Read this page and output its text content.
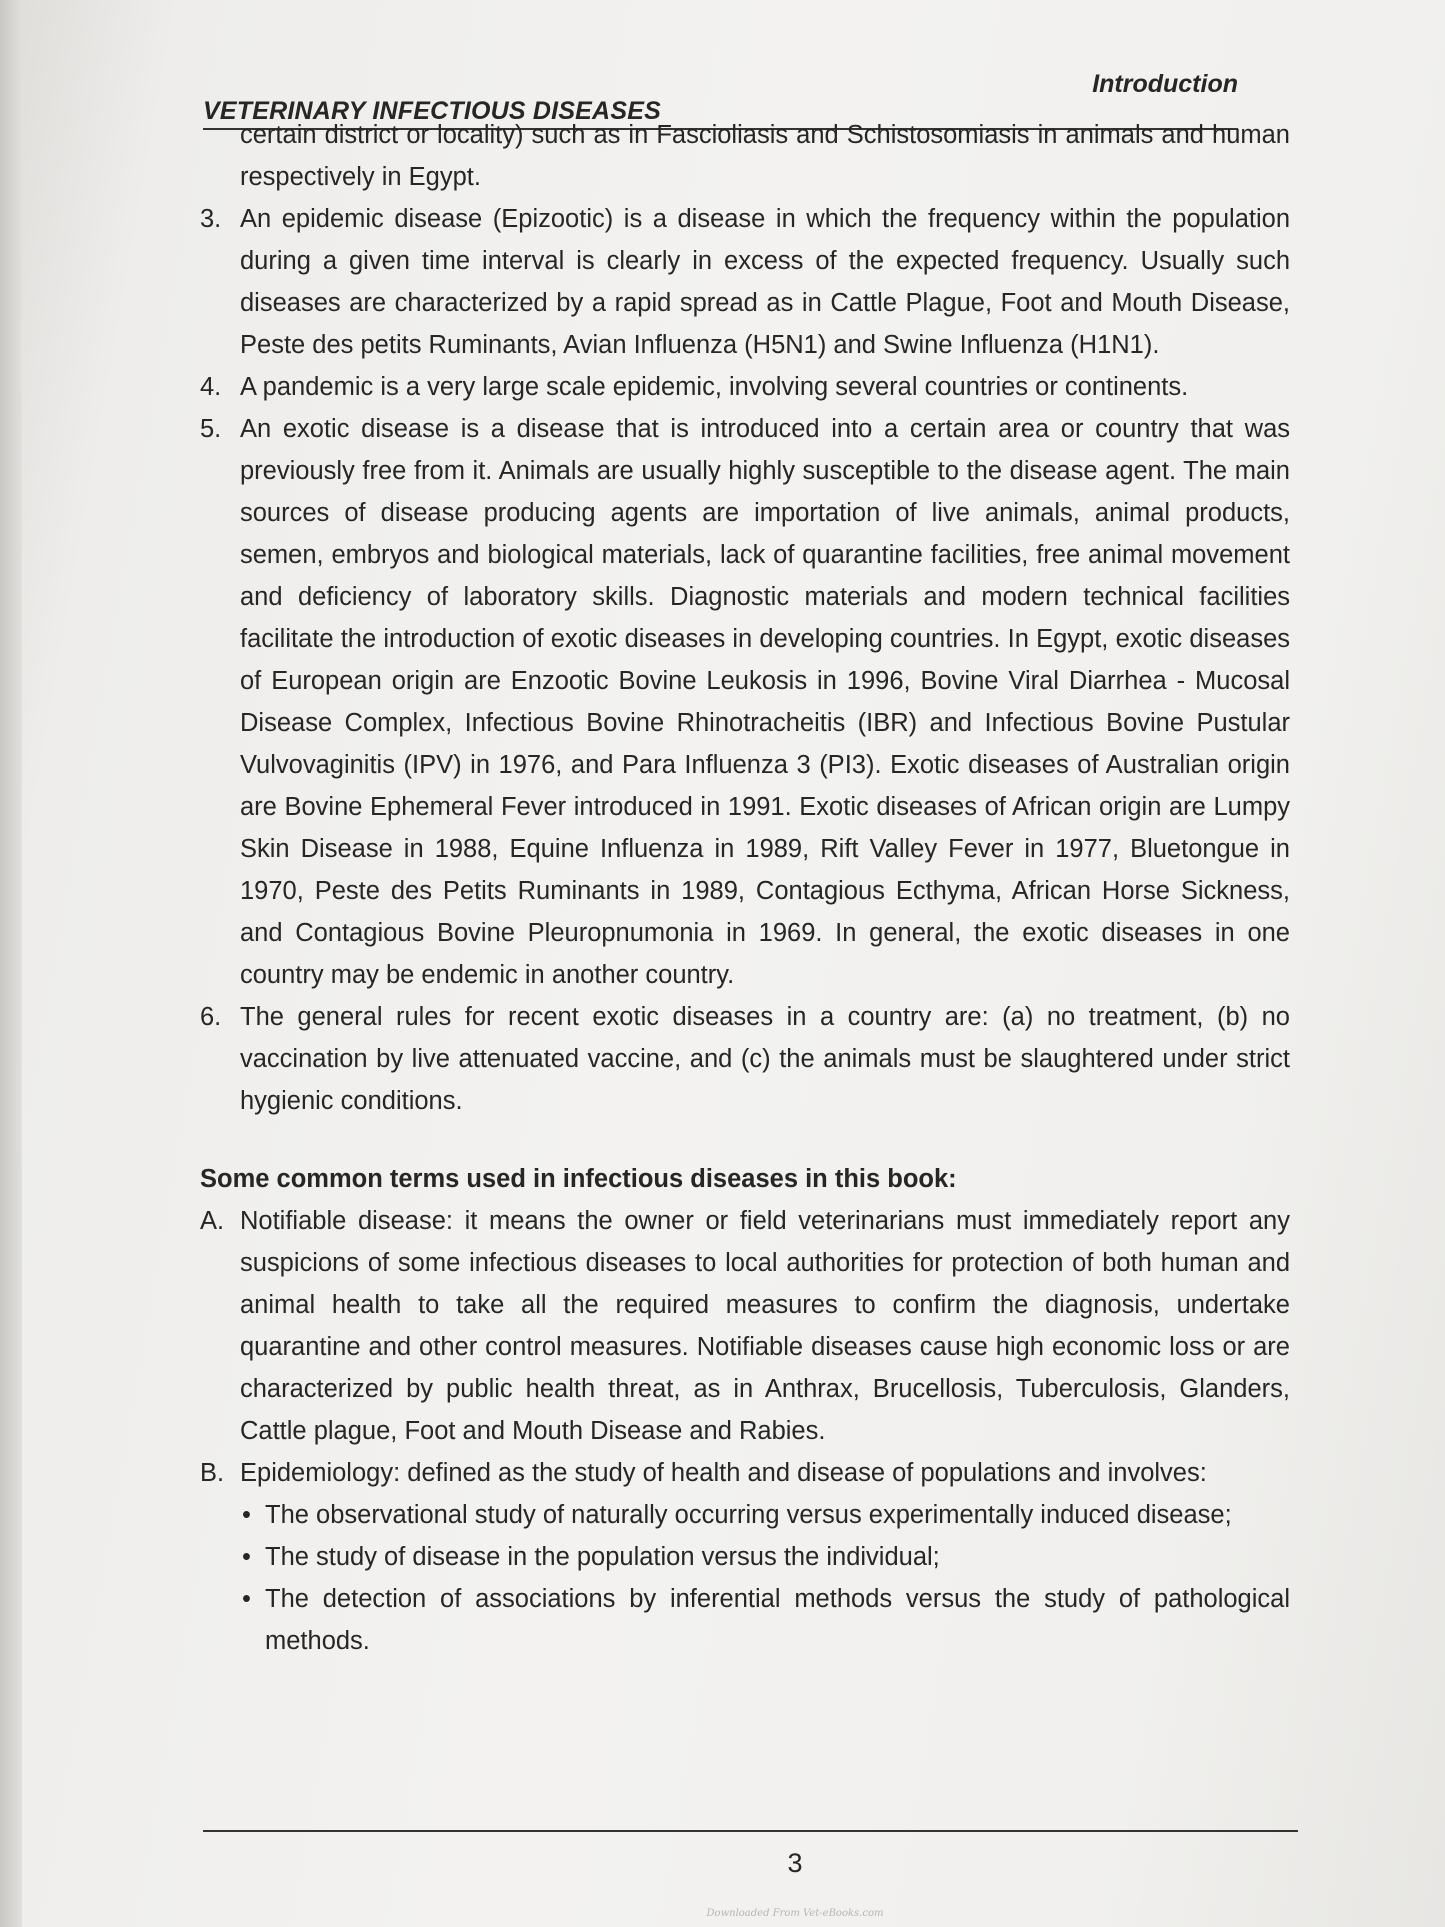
VETERINARY INFECTIOUS DISEASES
Introduction
certain district or locality) such as in Fascioliasis and Schistosomiasis in animals and human respectively in Egypt.
3. An epidemic disease (Epizootic) is a disease in which the frequency within the population during a given time interval is clearly in excess of the expected frequency. Usually such diseases are characterized by a rapid spread as in Cattle Plague, Foot and Mouth Disease, Peste des petits Ruminants, Avian Influenza (H5N1) and Swine Influenza (H1N1).
4. A pandemic is a very large scale epidemic, involving several countries or continents.
5. An exotic disease is a disease that is introduced into a certain area or country that was previously free from it. Animals are usually highly susceptible to the disease agent. The main sources of disease producing agents are importation of live animals, animal products, semen, embryos and biological materials, lack of quarantine facilities, free animal movement and deficiency of laboratory skills. Diagnostic materials and modern technical facilities facilitate the introduction of exotic diseases in developing countries. In Egypt, exotic diseases of European origin are Enzootic Bovine Leukosis in 1996, Bovine Viral Diarrhea - Mucosal Disease Complex, Infectious Bovine Rhinotracheitis (IBR) and Infectious Bovine Pustular Vulvovaginitis (IPV) in 1976, and Para Influenza 3 (PI3). Exotic diseases of Australian origin are Bovine Ephemeral Fever introduced in 1991. Exotic diseases of African origin are Lumpy Skin Disease in 1988, Equine Influenza in 1989, Rift Valley Fever in 1977, Bluetongue in 1970, Peste des Petits Ruminants in 1989, Contagious Ecthyma, African Horse Sickness, and Contagious Bovine Pleuropnumonia in 1969. In general, the exotic diseases in one country may be endemic in another country.
6. The general rules for recent exotic diseases in a country are: (a) no treatment, (b) no vaccination by live attenuated vaccine, and (c) the animals must be slaughtered under strict hygienic conditions.
Some common terms used in infectious diseases in this book:
A. Notifiable disease: it means the owner or field veterinarians must immediately report any suspicions of some infectious diseases to local authorities for protection of both human and animal health to take all the required measures to confirm the diagnosis, undertake quarantine and other control measures. Notifiable diseases cause high economic loss or are characterized by public health threat, as in Anthrax, Brucellosis, Tuberculosis, Glanders, Cattle plague, Foot and Mouth Disease and Rabies.
B. Epidemiology: defined as the study of health and disease of populations and involves:
• The observational study of naturally occurring versus experimentally induced disease;
• The study of disease in the population versus the individual;
• The detection of associations by inferential methods versus the study of pathological methods.
3
Downloaded From Vet-eBooks.com
